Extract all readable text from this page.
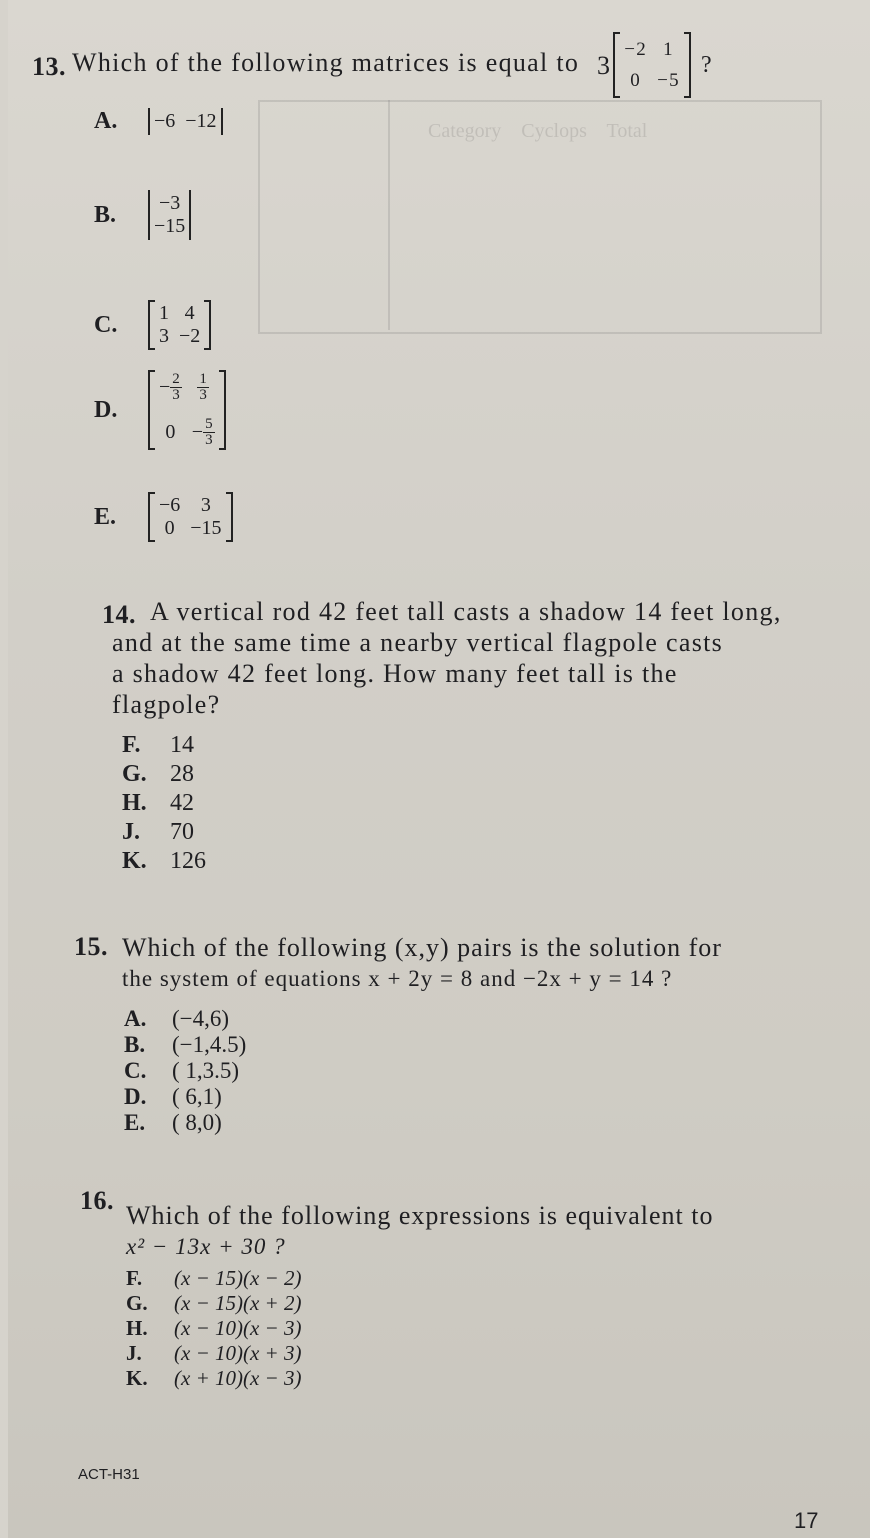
Category    Cyclops    Total
13. Which of the following matrices is equal to 3
−2 1
0 −5
?
A.	−6 −12
B.	−3
−15
C.	1 4
3 −2
D.
− $\frac{2}{3} \frac{1}{3}$
$0 - \frac{5}{3}$
E.	−6 3
0 −15
14. A vertical rod 42 feet tall casts a shadow 14 feet long,
and at the same time a nearby vertical flagpole casts
a shadow 42 feet long. How many feet tall is the
flagpole?
F. 14
G. 28
H. 42
J. 70
K. 126
15. Which of the following (x,y) pairs is the solution for
the system of equations x + 2y = 8 and −2x + y = 14 ?
A. (−4,6)
B. (−1,4.5)
C. ( 1,3.5)
D. ( 6,1)
E. ( 8,0)
16.
Which of the following expressions is equivalent to
x² − 13x + 30 ?
F. (x − 15)(x − 2)
G. (x − 15)(x + 2)
H. (x − 10)(x − 3)
J. (x − 10)(x + 3)
K. (x + 10)(x − 3)
ACT-H31
17
